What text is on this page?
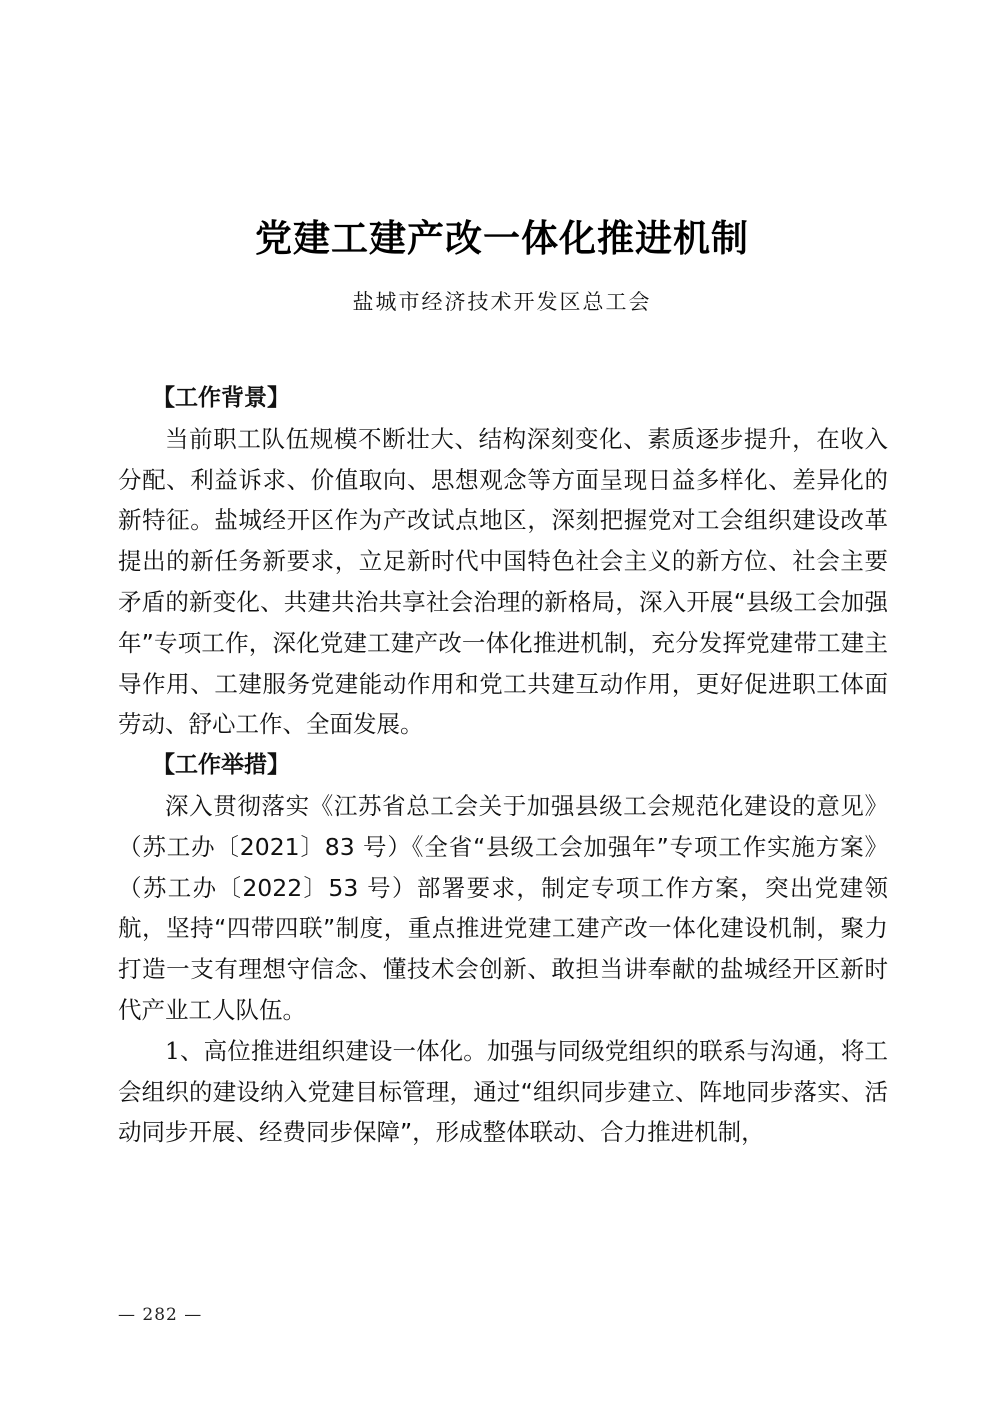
党建工建产改一体化推进机制
盐城市经济技术开发区总工会
【工作背景】

当前职工队伍规模不断壮大、结构深刻变化、素质逐步提升，在收入分配、利益诉求、价值取向、思想观念等方面呈现日益多样化、差异化的新特征。盐城经开区作为产改试点地区，深刻把握党对工会组织建设改革提出的新任务新要求，立足新时代中国特色社会主义的新方位、社会主要矛盾的新变化、共建共治共享社会治理的新格局，深入开展“县级工会加强年”专项工作，深化党建工建产改一体化推进机制，充分发挥党建带工建主导作用、工建服务党建能动作用和党工共建互动作用，更好促进职工体面劳动、舒心工作、全面发展。

【工作举措】

深入贯彻落实《江苏省总工会关于加强县级工会规范化建设的意见》（苏工办〔2021〕83 号）《全省“县级工会加强年”专项工作实施方案》（苏工办〔2022〕53 号）部署要求，制定专项工作方案，突出党建领航，坚持“四带四联”制度，重点推进党建工建产改一体化建设机制，聚力打造一支有理想守信念、懂技术会创新、敢担当讲奉献的盐城经开区新时代产业工人队伍。

1、高位推进组织建设一体化。加强与同级党组织的联系与沟通，将工会组织的建设纳入党建目标管理，通过“组织同步建立、阵地同步落实、活动同步开展、经费同步保障”，形成整体联动、合力推进机制，

— 282 —
